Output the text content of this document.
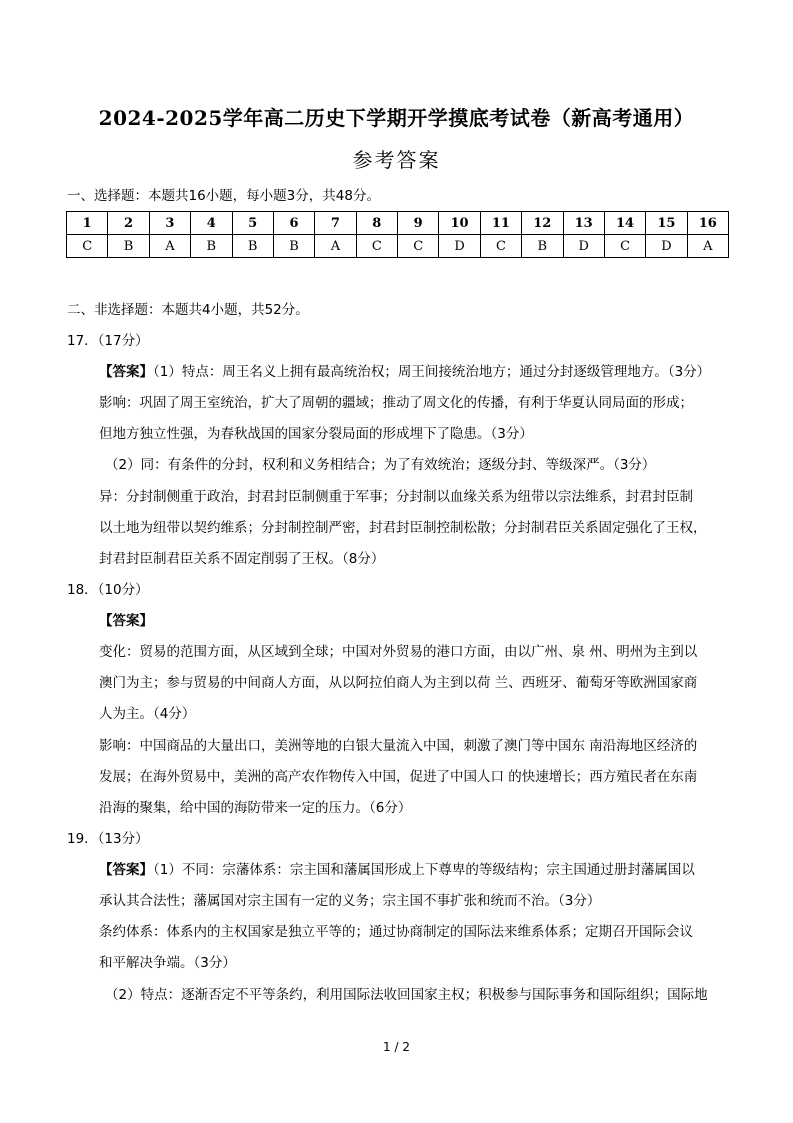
2024-2025学年高二历史下学期开学摸底考试卷（新高考通用）
参考答案
一、选择题：本题共16小题，每小题3分，共48分。
1	2	3	4	5	6	7	8	9	10	11	12	13	14	15	16
C	B	A	B	B	B	A	C	C	D	C	B	D	C	D	A
二、非选择题：本题共4小题，共52分。
17．（17分）
【答案】（1）特点：周王名义上拥有最高统治权；周王间接统治地方；通过分封逐级管理地方。（3分）
影响：巩固了周王室统治，扩大了周朝的疆域；推动了周文化的传播，有利于华夏认同局面的形成；
但地方独立性强，为春秋战国的国家分裂局面的形成埋下了隐患。（3分）
（2）同：有条件的分封，权利和义务相结合；为了有效统治；逐级分封、等级深严。（3分）
异：分封制侧重于政治，封君封臣制侧重于军事；分封制以血缘关系为纽带以宗法维系，封君封臣制
以土地为纽带以契约维系；分封制控制严密，封君封臣制控制松散；分封制君臣关系固定强化了王权，
封君封臣制君臣关系不固定削弱了王权。（8分）
18．（10分）
【答案】
变化：贸易的范围方面，从区域到全球；中国对外贸易的港口方面，由以广州、泉 州、明州为主到以
澳门为主；参与贸易的中间商人方面，从以阿拉伯商人为主到以荷 兰、西班牙、葡萄牙等欧洲国家商
人为主。（4分）
影响：中国商品的大量出口，美洲等地的白银大量流入中国，刺激了澳门等中国东 南沿海地区经济的
发展；在海外贸易中，美洲的高产农作物传入中国，促进了中国人口 的快速增长；西方殖民者在东南
沿海的聚集，给中国的海防带来一定的压力。（6分）
19．（13分）
【答案】（1）不同：宗藩体系：宗主国和藩属国形成上下尊卑的等级结构；宗主国通过册封藩属国以
承认其合法性；藩属国对宗主国有一定的义务；宗主国不事扩张和统而不治。（3分）
条约体系：体系内的主权国家是独立平等的；通过协商制定的国际法来维系体系；定期召开国际会议
和平解决争端。（3分）
（2）特点：逐渐否定不平等条约，利用国际法收回国家主权；积极参与国际事务和国际组织；国际地
1 / 2
